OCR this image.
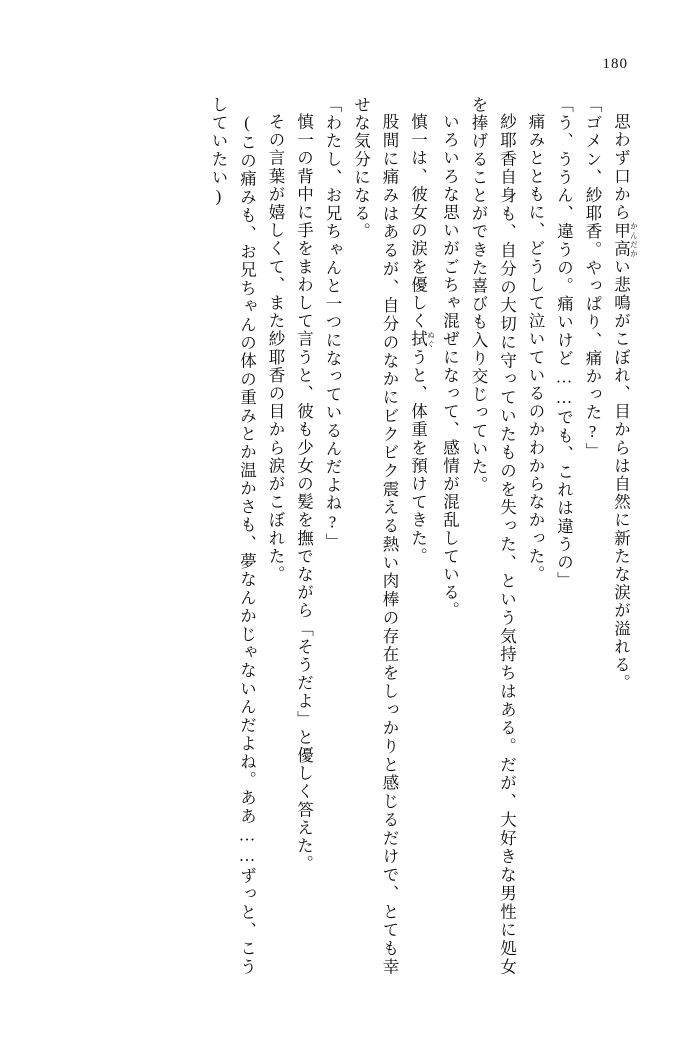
180

思わず口から甲高 かんだかい悲鳴がこぼれ、目からは自然に新たな涙が溢れる。

「ゴメン、紗耶香。やっぱり、痛かった?」

「う、ううん、違うの。痛いけど……でも、これは違うの」

痛みとともに、どうして泣いているのかわからなかった。

紗耶香自身も、自分の大切に守っていたものを失った、という気持ちはある。だが、大好きな男性に処女を捧げることができた喜びも入り交じっていた。

いろいろな思いがごちゃ混ぜになって、感情が混乱している。

慎一は、彼女の涙を優しく拭 ぬぐうと、体重を預けてきた。

股間に痛みはあるが、自分のなかにビクビク震える熱い肉棒の存在をしっかりと感じるだけで、とても幸せな気分になる。

「わたし、お兄ちゃんと一つになっているんだよね?」

慎一の背中に手をまわして言うと、彼も少女の髪を撫でながら「そうだよ」と優しく答えた。

その言葉が嬉しくて、また紗耶香の目から涙がこぼれた。

(この痛みも、お兄ちゃんの体の重みとか温かさも、夢なんかじゃないんだよね。ああ……ずっと、こうしていたい)
